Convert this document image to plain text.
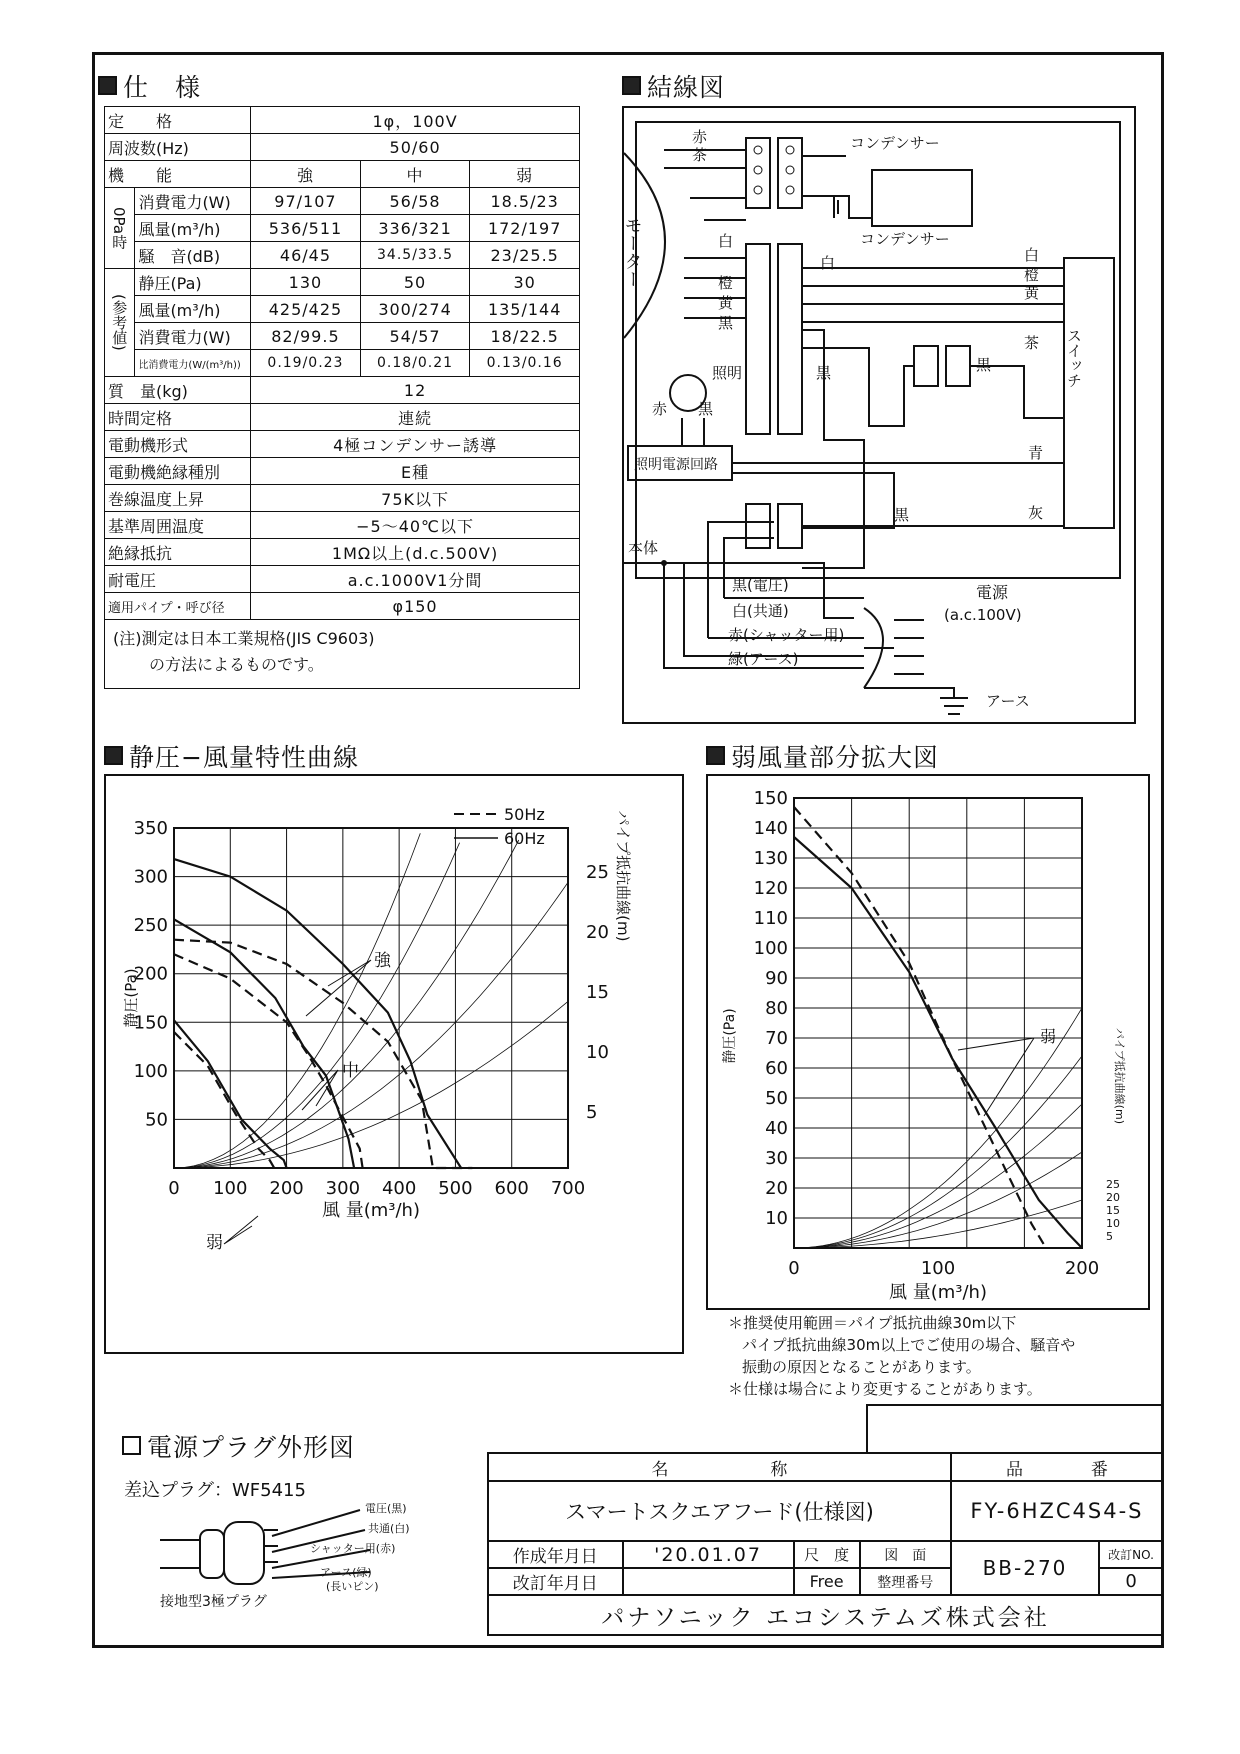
仕　様
定　　格		1φ，100V		
周波数(Hz)		50/60		
機　　能		強	中	弱
0Pa時	消費電力(W)	97/107	56/58	18.5/23
	風量(m³/h)	536/511	336/321	172/197
	騒　音(dB)	46/45	34.5/33.5	23/25.5
(参考値)	静圧(Pa)	130	50	30
	風量(m³/h)	425/425	300/274	135/144
	消費電力(W)	82/99.5	54/57	18/22.5
	比消費電力(W/(m³/h))	0.19/0.23	0.18/0.21	0.13/0.16
質　量(kg)		12		
時間定格		連続		
電動機形式		4極コンデンサー誘導		
電動機絶縁種別		E種		
巻線温度上昇		75K以下		
基準周囲温度		−5〜40℃以下		
絶縁抵抗		1MΩ以上(d.c.500V)		
耐電圧		a.c.1000V1分間		
適用パイプ・呼び径		φ150		

(注)測定は日本工業規格(JIS C9603)
の方法によるものです。				
結線図
赤
茶
モーター
コンデンサー
コンデンサー
白
白
橙
黄
黒
白
橙
黄
茶
黒
黒
照明
赤 黒
スイッチ
照明電源回路
青
灰
黒
本体
黒(電圧)
白(共通)
赤(シャッター用)
緑(アース)
電源
(a.c.100V)
アース
静圧−風量特性曲線
0 100 200 300 400 500 600 700
50
100
150
200
250
300
350
50Hz
60Hz
強
中
弱
5
10
15
20
25
静圧(Pa)
パイプ抵抗曲線(m)
風 量(m³/h)
弱風量部分拡大図
0	100	200
10
20
30
40
50
60
70
80
90
100
110
120
130
140
150
弱
5
10
15
20
25
静圧(Pa)	パイプ抵抗曲線(m)
風 量(m³/h)
＊推奨使用範囲＝パイプ抵抗曲線30m以下
パイプ抵抗曲線30m以上でご使用の場合、騒音や
振動の原因となることがあります。
＊仕様は場合により変更することがあります。
電源プラグ外形図
差込プラグ：WF5415
電圧(黒)
共通(白)
シャッター用(赤)
アース(緑)
(長いピン)
接地型3極プラグ
名　　　　　　称				品　　　　番	
スマートスクエアフード(仕様図)				FY-6HZC4S4-S	
作成年月日	'20.01.07	尺　度	図　面	BB-270	改訂NO.
改訂年月日		Free	整理番号		0
パナソニック エコシステムズ株式会社					
